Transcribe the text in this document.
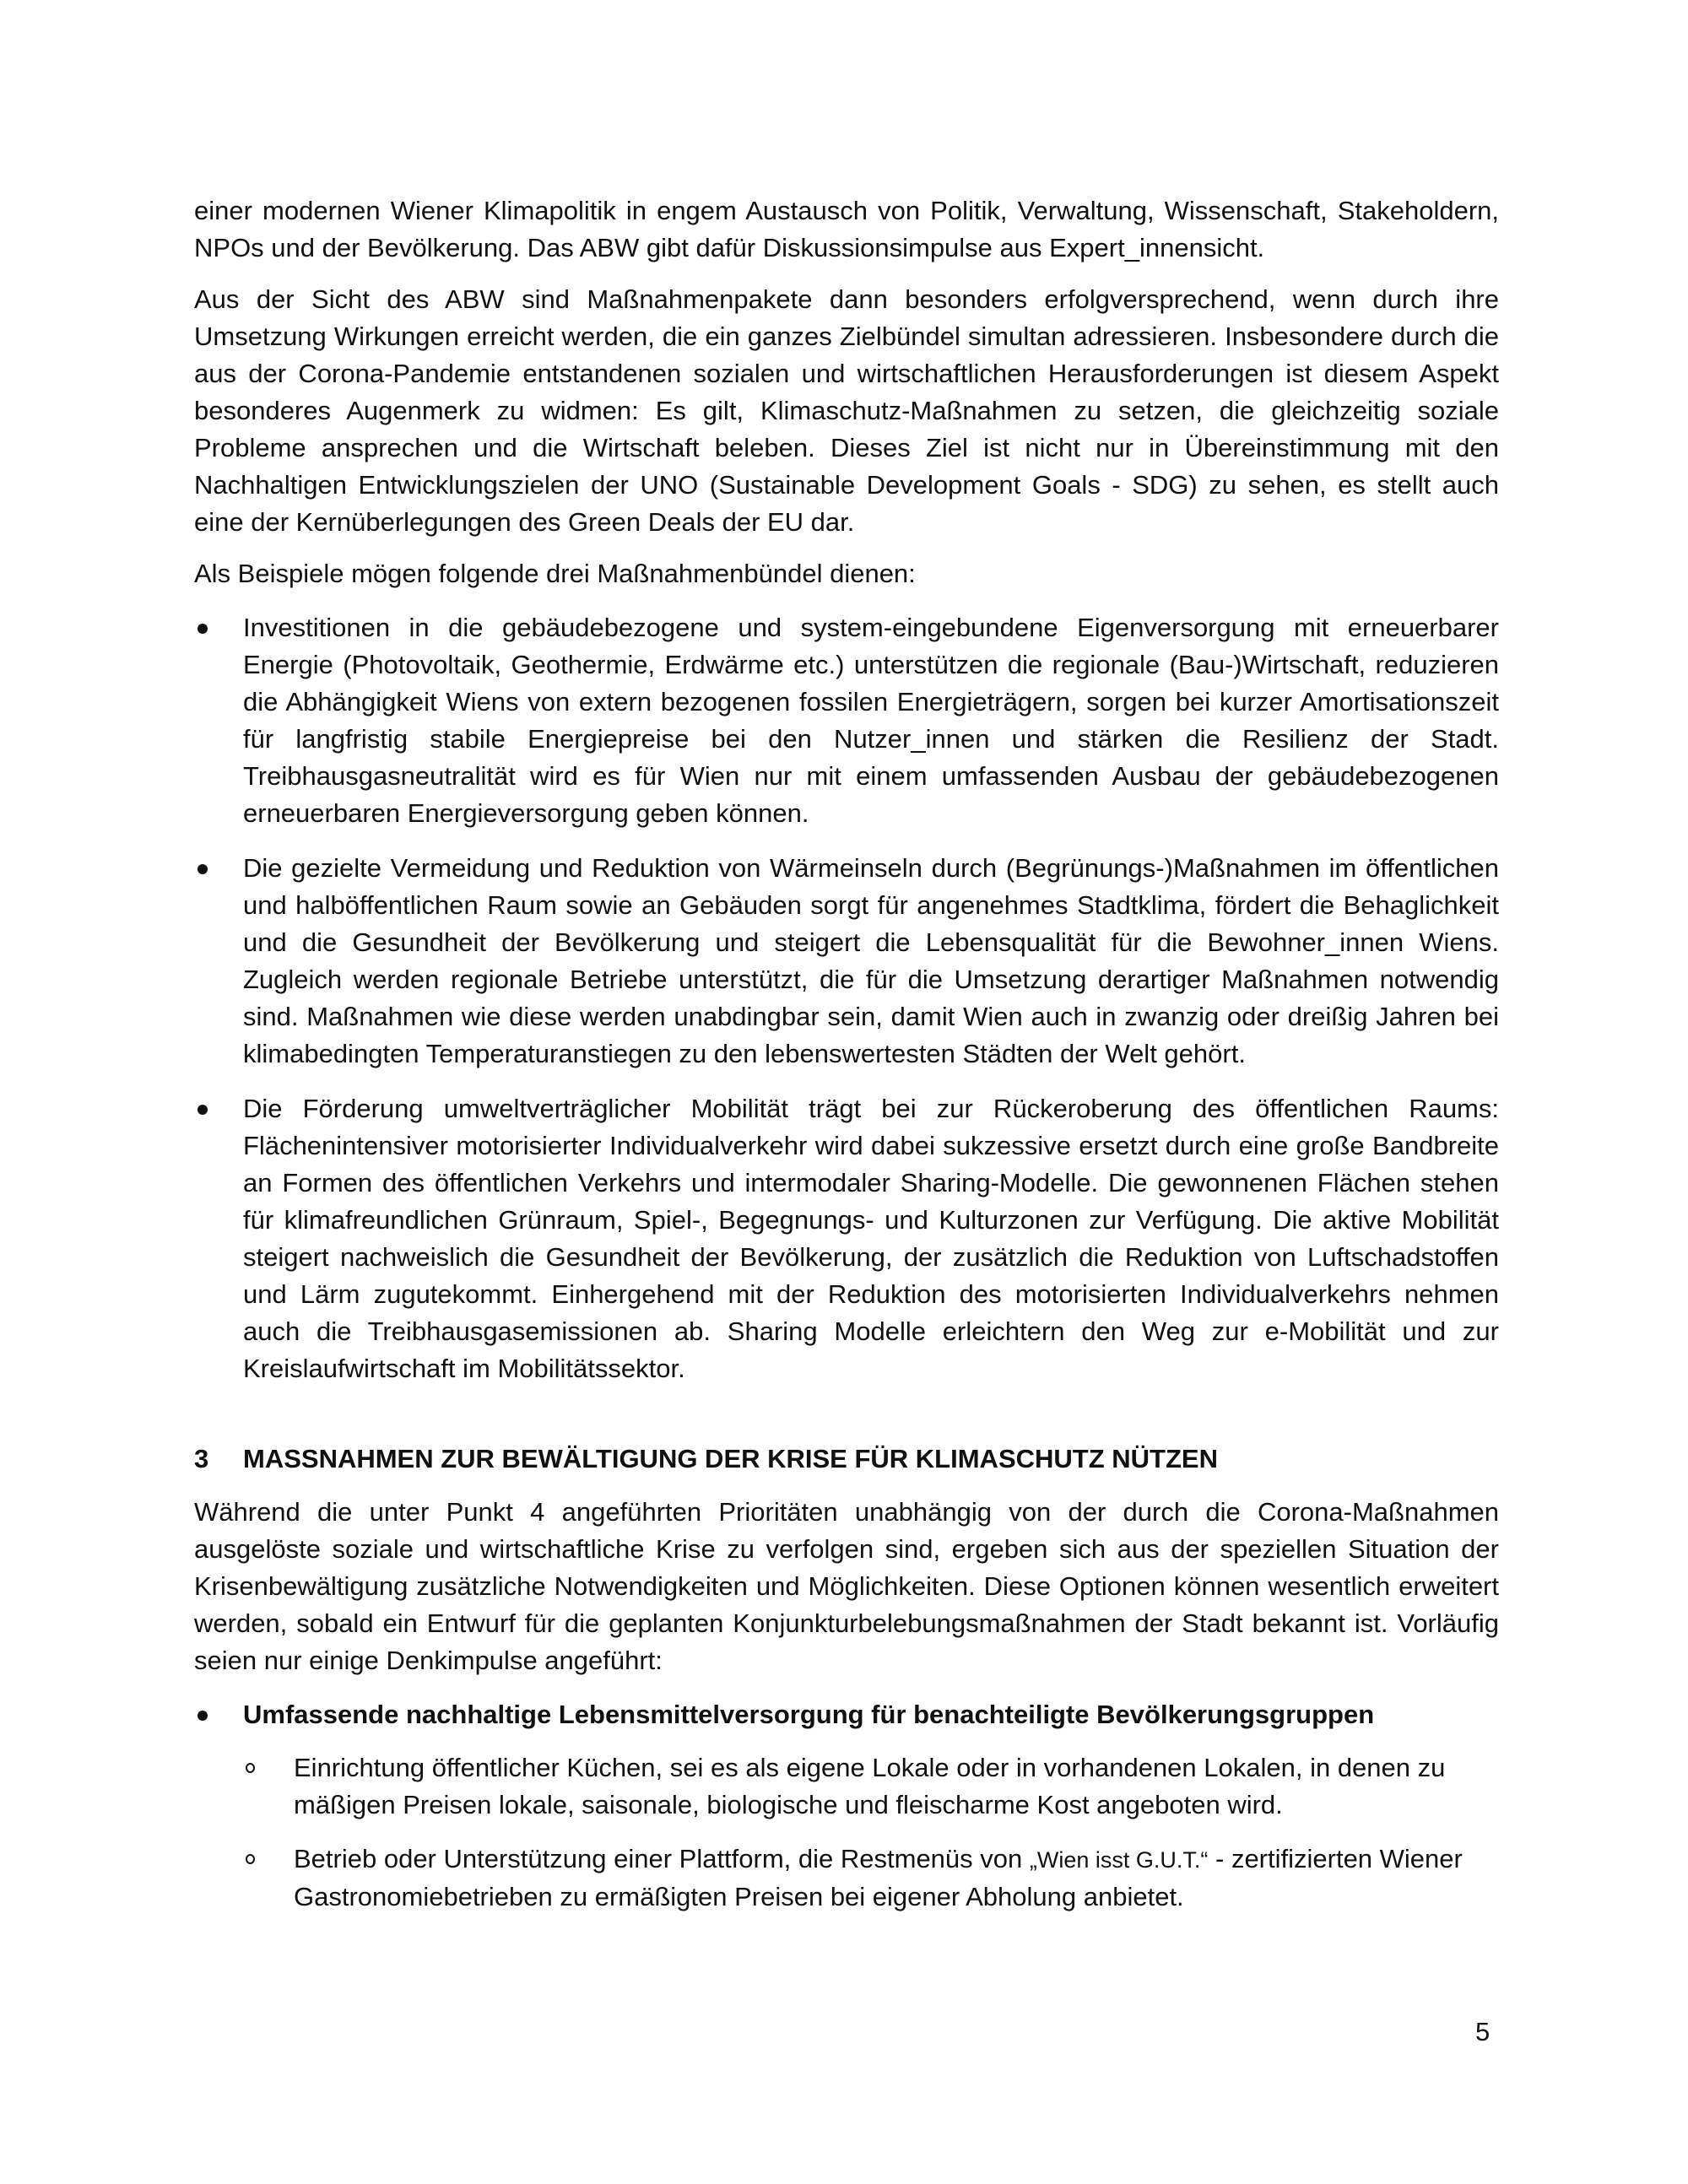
einer modernen Wiener Klimapolitik in engem Austausch von Politik, Verwaltung, Wissenschaft, Stakeholdern, NPOs und der Bevölkerung. Das ABW gibt dafür Diskussionsimpulse aus Expert_innensicht.

Aus der Sicht des ABW sind Maßnahmenpakete dann besonders erfolgversprechend, wenn durch ihre Umsetzung Wirkungen erreicht werden, die ein ganzes Zielbündel simultan adressieren. Insbesondere durch die aus der Corona-Pandemie entstandenen sozialen und wirtschaftlichen Herausforderungen ist diesem Aspekt besonderes Augenmerk zu widmen: Es gilt, Klimaschutz-Maßnahmen zu setzen, die gleichzeitig soziale Probleme ansprechen und die Wirtschaft beleben. Dieses Ziel ist nicht nur in Übereinstimmung mit den Nachhaltigen Entwicklungszielen der UNO (Sustainable Development Goals - SDG) zu sehen, es stellt auch eine der Kernüberlegungen des Green Deals der EU dar.

Als Beispiele mögen folgende drei Maßnahmenbündel dienen:

Investitionen in die gebäudebezogene und system-eingebundene Eigenversorgung mit erneuerbarer Energie (Photovoltaik, Geothermie, Erdwärme etc.) unterstützen die regionale (Bau-)Wirtschaft, reduzieren die Abhängigkeit Wiens von extern bezogenen fossilen Energieträgern, sorgen bei kurzer Amortisationszeit für langfristig stabile Energiepreise bei den Nutzer_innen und stärken die Resilienz der Stadt. Treibhausgasneutralität wird es für Wien nur mit einem umfassenden Ausbau der gebäudebezogenen erneuerbaren Energieversorgung geben können.
Die gezielte Vermeidung und Reduktion von Wärmeinseln durch (Begrünungs-)Maßnahmen im öffentlichen und halböffentlichen Raum sowie an Gebäuden sorgt für angenehmes Stadtklima, fördert die Behaglichkeit und die Gesundheit der Bevölkerung und steigert die Lebensqualität für die Bewohner_innen Wiens. Zugleich werden regionale Betriebe unterstützt, die für die Umsetzung derartiger Maßnahmen notwendig sind. Maßnahmen wie diese werden unabdingbar sein, damit Wien auch in zwanzig oder dreißig Jahren bei klimabedingten Temperaturanstiegen zu den lebenswertesten Städten der Welt gehört.
Die Förderung umweltverträglicher Mobilität trägt bei zur Rückeroberung des öffentlichen Raums: Flächenintensiver motorisierter Individualverkehr wird dabei sukzessive ersetzt durch eine große Bandbreite an Formen des öffentlichen Verkehrs und intermodaler Sharing-Modelle. Die gewonnenen Flächen stehen für klimafreundlichen Grünraum, Spiel-, Begegnungs- und Kulturzonen zur Verfügung. Die aktive Mobilität steigert nachweislich die Gesundheit der Bevölkerung, der zusätzlich die Reduktion von Luftschadstoffen und Lärm zugutekommt. Einhergehend mit der Reduktion des motorisierten Individualverkehrs nehmen auch die Treibhausgasemissionen ab. Sharing Modelle erleichtern den Weg zur e-Mobilität und zur Kreislaufwirtschaft im Mobilitätssektor.
3	MASSNAHMEN ZUR BEWÄLTIGUNG DER KRISE FÜR KLIMASCHUTZ NÜTZEN

Während die unter Punkt 4 angeführten Prioritäten unabhängig von der durch die Corona-Maßnahmen ausgelöste soziale und wirtschaftliche Krise zu verfolgen sind, ergeben sich aus der speziellen Situation der Krisenbewältigung zusätzliche Notwendigkeiten und Möglichkeiten. Diese Optionen können wesentlich erweitert werden, sobald ein Entwurf für die geplanten Konjunkturbelebungsmaßnahmen der Stadt bekannt ist. Vorläufig seien nur einige Denkimpulse angeführt:

Umfassende nachhaltige Lebensmittelversorgung für benachteiligte Bevölkerungsgruppen
Einrichtung öffentlicher Küchen, sei es als eigene Lokale oder in vorhandenen Lokalen, in denen zu mäßigen Preisen lokale, saisonale, biologische und fleischarme Kost angeboten wird.
Betrieb oder Unterstützung einer Plattform, die Restmenüs von „Wien isst G.U.T.“ - zertifizierten Wiener Gastronomiebetrieben zu ermäßigten Preisen bei eigener Abholung anbietet.
5
